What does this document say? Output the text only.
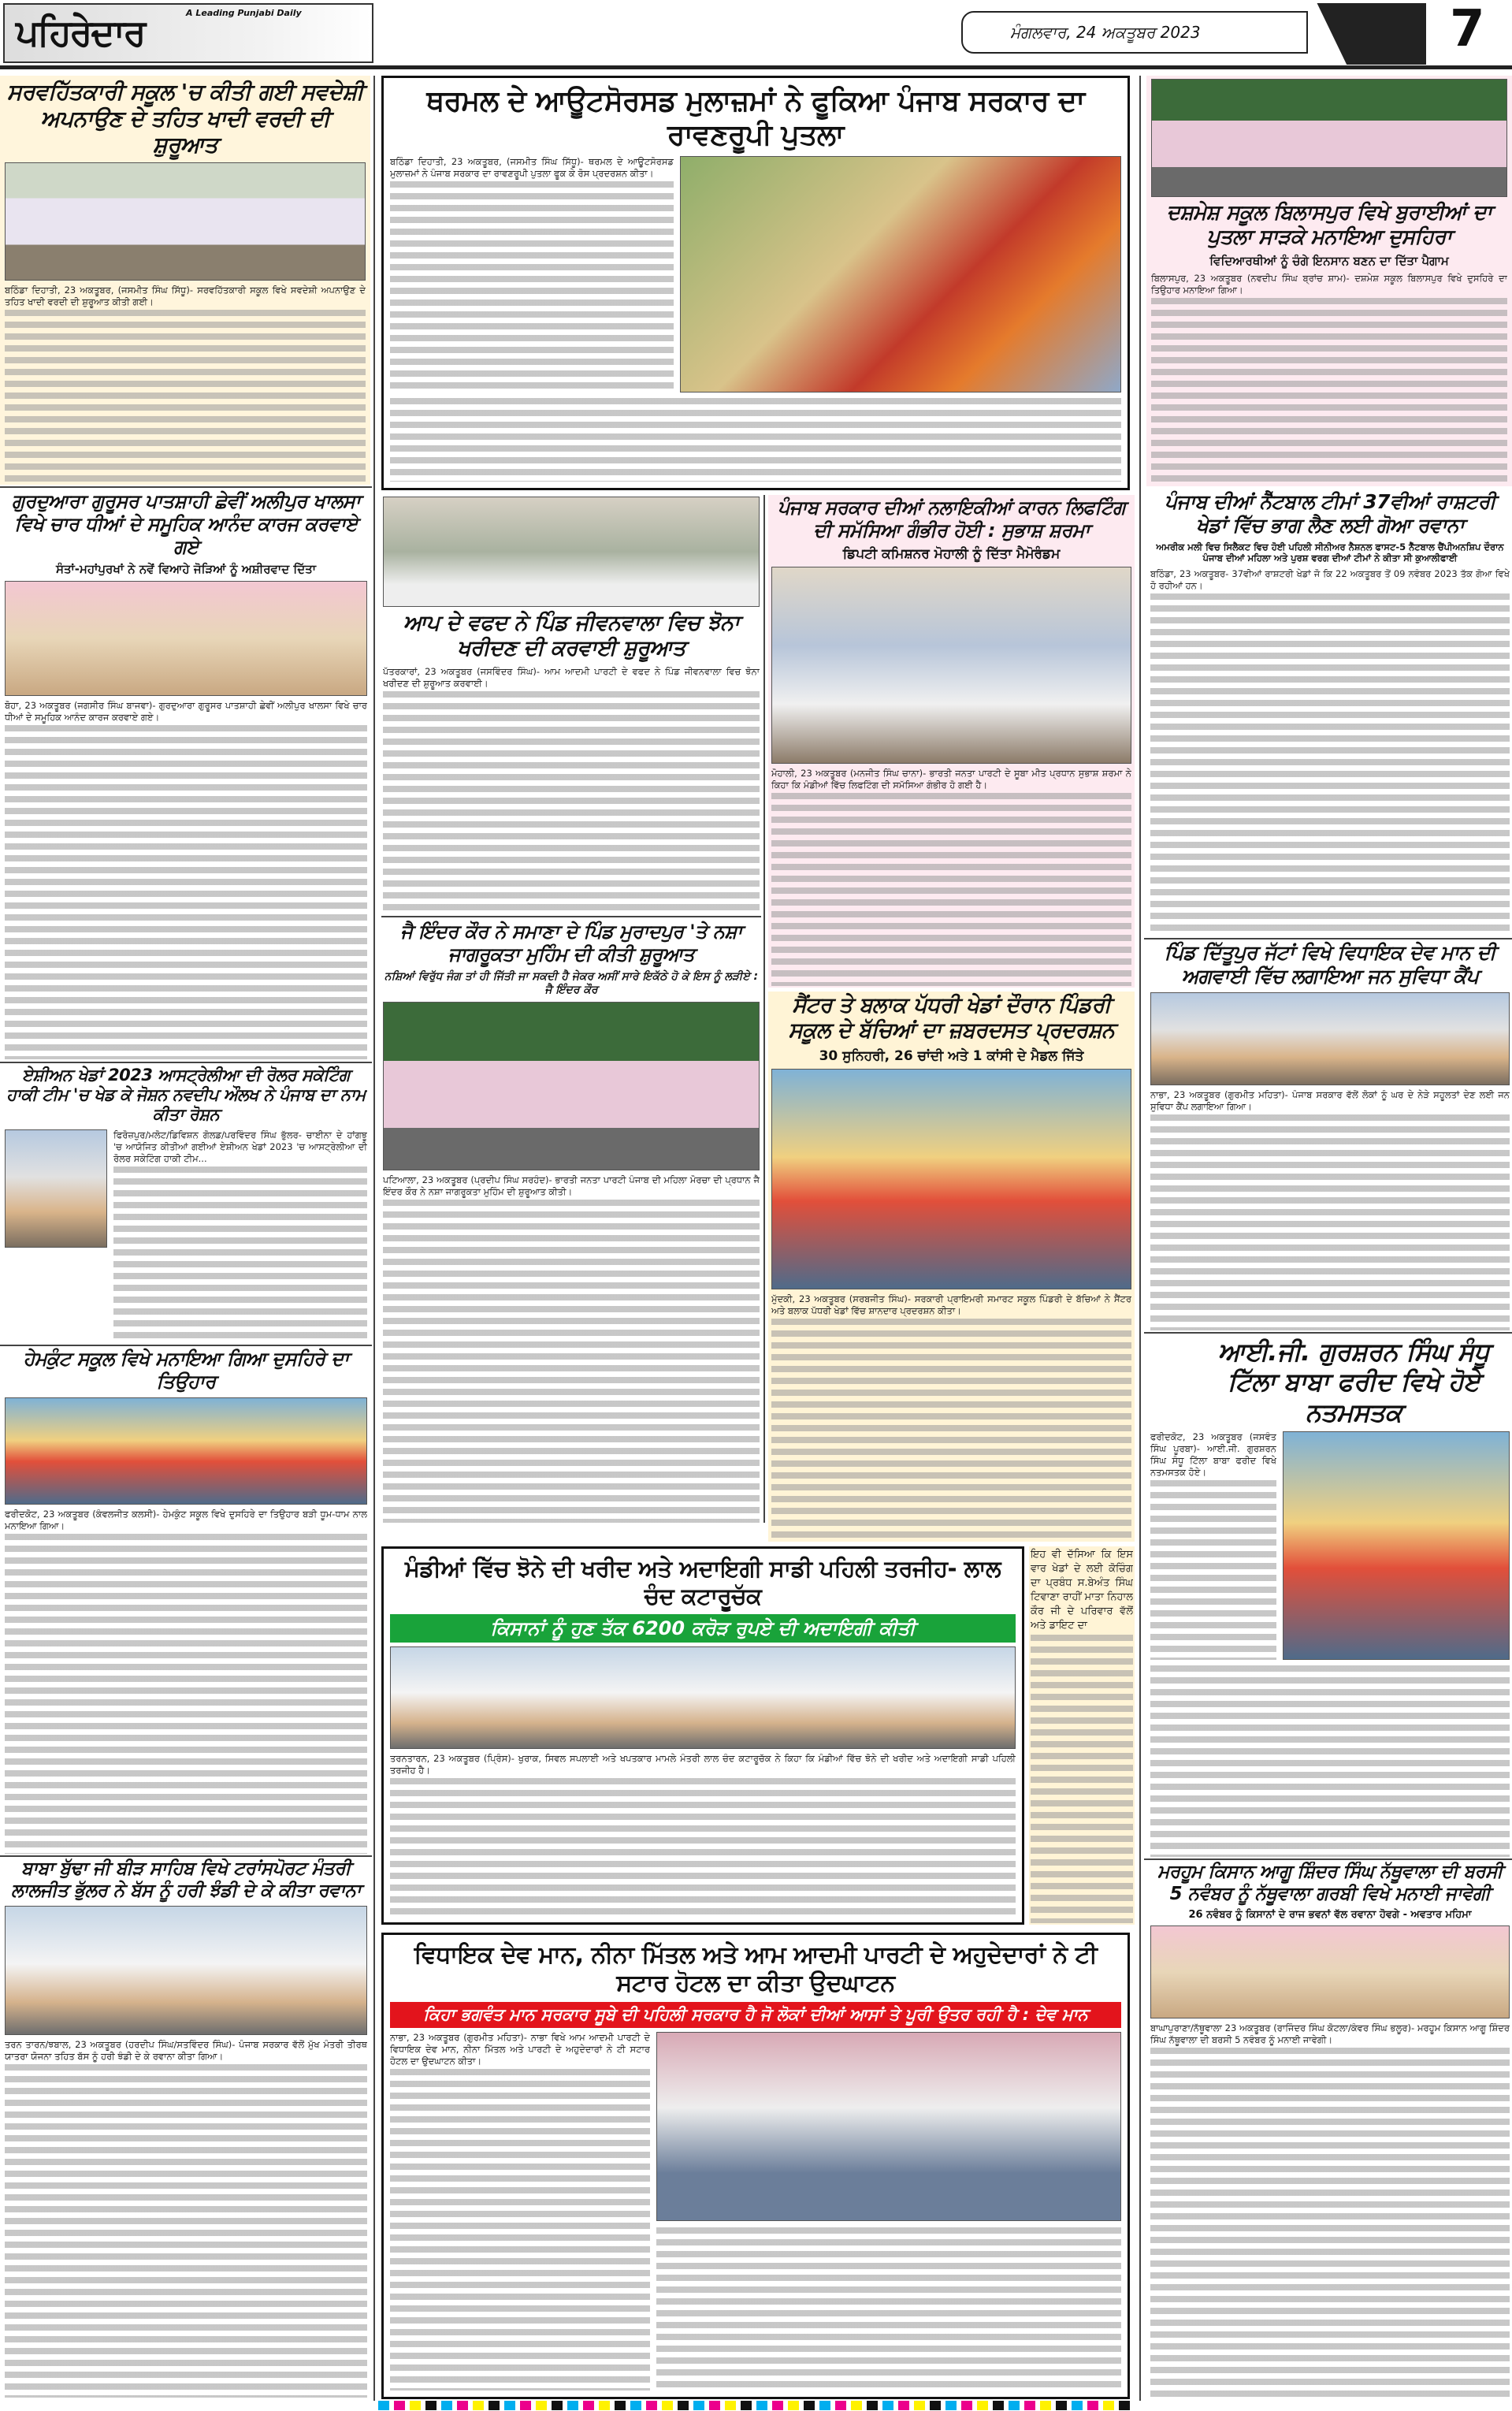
ਪਹਿਰੇਦਾਰ	A Leading Punjabi Daily
ਮੰਗਲਵਾਰ, 24 ਅਕਤੂਬਰ 2023	7
ਸਰਵਹਿੱਤਕਾਰੀ ਸਕੂਲ 'ਚ ਕੀਤੀ ਗਈ ਸਵਦੇਸ਼ੀ ਅਪਨਾਉਣ ਦੇ ਤਹਿਤ ਖਾਦੀ ਵਰਦੀ ਦੀ ਸ਼ੁਰੂਆਤ

ਬਠਿੰਡਾ ਦਿਹਾਤੀ, 23 ਅਕਤੂਬਰ, (ਜਸਮੀਤ ਸਿੰਘ ਸਿੱਧੂ)- ਸਰਵਹਿੱਤਕਾਰੀ ਸਕੂਲ ਵਿਖੇ ਸਵਦੇਸ਼ੀ ਅਪਨਾਉਣ ਦੇ ਤਹਿਤ ਖਾਦੀ ਵਰਦੀ ਦੀ ਸ਼ੁਰੂਆਤ ਕੀਤੀ ਗਈ।

ਗੁਰਦੁਆਰਾ ਗੁਰੂਸਰ ਪਾਤਸ਼ਾਹੀ ਛੇਵੀਂ ਅਲੀਪੁਰ ਖਾਲਸਾ ਵਿਖੇ ਚਾਰ ਧੀਆਂ ਦੇ ਸਮੂਹਿਕ ਆਨੰਦ ਕਾਰਜ ਕਰਵਾਏ ਗਏ
ਸੰਤਾਂ-ਮਹਾਂਪੁਰਖਾਂ ਨੇ ਨਵੇਂ ਵਿਆਹੇ ਜੋੜਿਆਂ ਨੂੰ ਅਸ਼ੀਰਵਾਦ ਦਿੱਤਾ

ਬੋਹਾ, 23 ਅਕਤੂਬਰ (ਜਗਸੀਰ ਸਿੰਘ ਬਾਜਵਾ)- ਗੁਰਦੁਆਰਾ ਗੁਰੂਸਰ ਪਾਤਸ਼ਾਹੀ ਛੇਵੀਂ ਅਲੀਪੁਰ ਖਾਲਸਾ ਵਿਖੇ ਚਾਰ ਧੀਆਂ ਦੇ ਸਮੂਹਿਕ ਆਨੰਦ ਕਾਰਜ ਕਰਵਾਏ ਗਏ।

ਏਸ਼ੀਅਨ ਖੇਡਾਂ 2023 ਆਸਟ੍ਰੇਲੀਆ ਦੀ ਰੋਲਰ ਸਕੇਟਿੰਗ ਹਾਕੀ ਟੀਮ 'ਚ ਖੇਡ ਕੇ ਜੋਸ਼ਨ ਨਵਦੀਪ ਔਲਖ ਨੇ ਪੰਜਾਬ ਦਾ ਨਾਮ ਕੀਤਾ ਰੋਸ਼ਨ

ਫਿਰੋਜ਼ਪੁਰ/ਮਲੋਟ/ਡਿਵਿਸ਼ਨ ਗੋਲਡ/ਪਰਵਿੰਦਰ ਸਿੰਘ ਭੁੱਲਰ- ਚਾਈਨਾ ਦੇ ਹਾਂਗਝੂ 'ਚ ਆਯੋਜਿਤ ਕੀਤੀਆਂ ਗਈਆਂ ਏਸ਼ੀਅਨ ਖੇਡਾਂ 2023 'ਚ ਆਸਟ੍ਰੇਲੀਆ ਦੀ ਰੋਲਰ ਸਕੇਟਿੰਗ ਹਾਕੀ ਟੀਮ...

ਹੇਮਕੁੰਟ ਸਕੂਲ ਵਿਖੇ ਮਨਾਇਆ ਗਿਆ ਦੁਸਹਿਰੇ ਦਾ ਤਿਉਹਾਰ

ਫਰੀਦਕੋਟ, 23 ਅਕਤੂਬਰ (ਕੰਵਲਜੀਤ ਕਲਸੀ)- ਹੇਮਕੁੰਟ ਸਕੂਲ ਵਿਖੇ ਦੁਸਹਿਰੇ ਦਾ ਤਿਉਹਾਰ ਬੜੀ ਧੂਮ-ਧਾਮ ਨਾਲ ਮਨਾਇਆ ਗਿਆ।

ਬਾਬਾ ਬੁੱਢਾ ਜੀ ਬੀੜ ਸਾਹਿਬ ਵਿਖੇ ਟਰਾਂਸਪੋਰਟ ਮੰਤਰੀ ਲਾਲਜੀਤ ਭੁੱਲਰ ਨੇ ਬੱਸ ਨੂੰ ਹਰੀ ਝੰਡੀ ਦੇ ਕੇ ਕੀਤਾ ਰਵਾਨਾ

ਤਰਨ ਤਾਰਨ/ਝਬਾਲ, 23 ਅਕਤੂਬਰ (ਹਰਦੀਪ ਸਿੰਘ/ਸਤਵਿੰਦਰ ਸਿੰਘ)- ਪੰਜਾਬ ਸਰਕਾਰ ਵੱਲੋਂ ਮੁੱਖ ਮੰਤਰੀ ਤੀਰਥ ਯਾਤਰਾ ਯੋਜਨਾ ਤਹਿਤ ਬੱਸ ਨੂੰ ਹਰੀ ਝੰਡੀ ਦੇ ਕੇ ਰਵਾਨਾ ਕੀਤਾ ਗਿਆ।

ਥਰਮਲ ਦੇ ਆਊਟਸੋਰਸਡ ਮੁਲਾਜ਼ਮਾਂ ਨੇ ਫੂਕਿਆ ਪੰਜਾਬ ਸਰਕਾਰ ਦਾ ਰਾਵਣਰੂਪੀ ਪੁਤਲਾ

ਬਠਿੰਡਾ ਦਿਹਾਤੀ, 23 ਅਕਤੂਬਰ, (ਜਸਮੀਤ ਸਿੰਘ ਸਿੱਧੂ)- ਥਰਮਲ ਦੇ ਆਊਟਸੋਰਸਡ ਮੁਲਾਜ਼ਮਾਂ ਨੇ ਪੰਜਾਬ ਸਰਕਾਰ ਦਾ ਰਾਵਣਰੂਪੀ ਪੁਤਲਾ ਫੂਕ ਕੇ ਰੋਸ ਪ੍ਰਦਰਸ਼ਨ ਕੀਤਾ।

ਆਪ ਦੇ ਵਫਦ ਨੇ ਪਿੰਡ ਜੀਵਨਵਾਲਾ ਵਿਚ ਝੋਨਾ ਖਰੀਦਣ ਦੀ ਕਰਵਾਈ ਸ਼ੁਰੂਆਤ

ਪੱਤਰਕਾਰਾਂ, 23 ਅਕਤੂਬਰ (ਜਸਵਿੰਦਰ ਸਿੰਘ)- ਆਮ ਆਦਮੀ ਪਾਰਟੀ ਦੇ ਵਫਦ ਨੇ ਪਿੰਡ ਜੀਵਨਵਾਲਾ ਵਿਚ ਝੋਨਾ ਖਰੀਦਣ ਦੀ ਸ਼ੁਰੂਆਤ ਕਰਵਾਈ।

ਜੈ ਇੰਦਰ ਕੌਰ ਨੇ ਸਮਾਣਾ ਦੇ ਪਿੰਡ ਮੁਰਾਦਪੁਰ 'ਤੇ ਨਸ਼ਾ ਜਾਗਰੂਕਤਾ ਮੁਹਿੰਮ ਦੀ ਕੀਤੀ ਸ਼ੁਰੂਆਤ
ਨਸ਼ਿਆਂ ਵਿਰੁੱਧ ਜੰਗ ਤਾਂ ਹੀ ਜਿੱਤੀ ਜਾ ਸਕਦੀ ਹੈ ਜੇਕਰ ਅਸੀਂ ਸਾਰੇ ਇਕੱਠੇ ਹੋ ਕੇ ਇਸ ਨੂੰ ਲੜੀਏ : ਜੈ ਇੰਦਰ ਕੌਰ

ਪਟਿਆਲਾ, 23 ਅਕਤੂਬਰ (ਪ੍ਰਦੀਪ ਸਿੰਘ ਸਰਹੰਦ)- ਭਾਰਤੀ ਜਨਤਾ ਪਾਰਟੀ ਪੰਜਾਬ ਦੀ ਮਹਿਲਾ ਮੋਰਚਾ ਦੀ ਪ੍ਰਧਾਨ ਜੈ ਇੰਦਰ ਕੌਰ ਨੇ ਨਸ਼ਾ ਜਾਗਰੂਕਤਾ ਮੁਹਿੰਮ ਦੀ ਸ਼ੁਰੂਆਤ ਕੀਤੀ।

ਪੰਜਾਬ ਸਰਕਾਰ ਦੀਆਂ ਨਲਾਇਕੀਆਂ ਕਾਰਨ ਲਿਫਟਿੰਗ ਦੀ ਸਮੱਸਿਆ ਗੰਭੀਰ ਹੋਈ : ਸੁਭਾਸ਼ ਸ਼ਰਮਾ
ਡਿਪਟੀ ਕਮਿਸ਼ਨਰ ਮੋਹਾਲੀ ਨੂੰ ਦਿੱਤਾ ਮੈਮੋਰੰਡਮ

ਮੋਹਾਲੀ, 23 ਅਕਤੂਬਰ (ਮਨਜੀਤ ਸਿੰਘ ਚਾਨਾ)- ਭਾਰਤੀ ਜਨਤਾ ਪਾਰਟੀ ਦੇ ਸੂਬਾ ਮੀਤ ਪ੍ਰਧਾਨ ਸੁਭਾਸ਼ ਸ਼ਰਮਾ ਨੇ ਕਿਹਾ ਕਿ ਮੰਡੀਆਂ ਵਿੱਚ ਲਿਫਟਿੰਗ ਦੀ ਸਮੱਸਿਆ ਗੰਭੀਰ ਹੋ ਗਈ ਹੈ।

ਸੈਂਟਰ ਤੇ ਬਲਾਕ ਪੱਧਰੀ ਖੇਡਾਂ ਦੌਰਾਨ ਪਿੰਡਰੀ ਸਕੂਲ ਦੇ ਬੱਚਿਆਂ ਦਾ ਜ਼ਬਰਦਸਤ ਪ੍ਰਦਰਸ਼ਨ
30 ਸੁਨਿਹਰੀ, 26 ਚਾਂਦੀ ਅਤੇ 1 ਕਾਂਸੀ ਦੇ ਮੈਡਲ ਜਿੱਤੇ

ਮੁੱਦਕੀ, 23 ਅਕਤੂਬਰ (ਸਰਬਜੀਤ ਸਿੰਘ)- ਸਰਕਾਰੀ ਪ੍ਰਾਇਮਰੀ ਸਮਾਰਟ ਸਕੂਲ ਪਿੰਡਰੀ ਦੇ ਬੱਚਿਆਂ ਨੇ ਸੈਂਟਰ ਅਤੇ ਬਲਾਕ ਪੱਧਰੀ ਖੇਡਾਂ ਵਿੱਚ ਸ਼ਾਨਦਾਰ ਪ੍ਰਦਰਸ਼ਨ ਕੀਤਾ।

ਇਹ ਵੀ ਦੱਸਿਆ ਕਿ ਇਸ ਵਾਰ ਖੇਡਾਂ ਦੇ ਲਈ ਕੋਚਿੰਗ ਦਾ ਪ੍ਰਬੰਧ ਸ.ਬੇਅੰਤ ਸਿੰਘ ਟਿਵਾਣਾ ਰਾਹੀਂ ਮਾਤਾ ਨਿਹਾਲ ਕੌਰ ਜੀ ਦੇ ਪਰਿਵਾਰ ਵੱਲੋਂ ਅਤੇ ਡਾਇਟ ਦਾ

ਮੰਡੀਆਂ ਵਿੱਚ ਝੋਨੇ ਦੀ ਖਰੀਦ ਅਤੇ ਅਦਾਇਗੀ ਸਾਡੀ ਪਹਿਲੀ ਤਰਜੀਹ- ਲਾਲ ਚੰਦ ਕਟਾਰੂਚੱਕ
ਕਿਸਾਨਾਂ ਨੂੰ ਹੁਣ ਤੱਕ 6200 ਕਰੋੜ ਰੁਪਏ ਦੀ ਅਦਾਇਗੀ ਕੀਤੀ

ਤਰਨਤਾਰਨ, 23 ਅਕਤੂਬਰ (ਪ੍ਰਿੰਸ)- ਖੁਰਾਕ, ਸਿਵਲ ਸਪਲਾਈ ਅਤੇ ਖਪਤਕਾਰ ਮਾਮਲੇ ਮੰਤਰੀ ਲਾਲ ਚੰਦ ਕਟਾਰੂਚੱਕ ਨੇ ਕਿਹਾ ਕਿ ਮੰਡੀਆਂ ਵਿੱਚ ਝੋਨੇ ਦੀ ਖਰੀਦ ਅਤੇ ਅਦਾਇਗੀ ਸਾਡੀ ਪਹਿਲੀ ਤਰਜੀਹ ਹੈ।

ਵਿਧਾਇਕ ਦੇਵ ਮਾਨ, ਨੀਨਾ ਮਿੱਤਲ ਅਤੇ ਆਮ ਆਦਮੀ ਪਾਰਟੀ ਦੇ ਅਹੁਦੇਦਾਰਾਂ ਨੇ ਟੀ ਸਟਾਰ ਹੋਟਲ ਦਾ ਕੀਤਾ ਉਦਘਾਟਨ
ਕਿਹਾ ਭਗਵੰਤ ਮਾਨ ਸਰਕਾਰ ਸੂਬੇ ਦੀ ਪਹਿਲੀ ਸਰਕਾਰ ਹੈ ਜੋ ਲੋਕਾਂ ਦੀਆਂ ਆਸਾਂ ਤੇ ਪੂਰੀ ਉਤਰ ਰਹੀ ਹੈ : ਦੇਵ ਮਾਨ

ਨਾਭਾ, 23 ਅਕਤੂਬਰ (ਗੁਰਮੀਤ ਮਹਿਤਾ)- ਨਾਭਾ ਵਿਖੇ ਆਮ ਆਦਮੀ ਪਾਰਟੀ ਦੇ ਵਿਧਾਇਕ ਦੇਵ ਮਾਨ, ਨੀਨਾ ਮਿੱਤਲ ਅਤੇ ਪਾਰਟੀ ਦੇ ਅਹੁਦੇਦਾਰਾਂ ਨੇ ਟੀ ਸਟਾਰ ਹੋਟਲ ਦਾ ਉਦਘਾਟਨ ਕੀਤਾ।

ਦਸ਼ਮੇਸ਼ ਸਕੂਲ ਬਿਲਾਸਪੁਰ ਵਿਖੇ ਬੁਰਾਈਆਂ ਦਾ ਪੁਤਲਾ ਸਾੜਕੇ ਮਨਾਇਆ ਦੁਸਹਿਰਾ
ਵਿਦਿਆਰਥੀਆਂ ਨੂੰ ਚੰਗੇ ਇਨਸਾਨ ਬਣਨ ਦਾ ਦਿੱਤਾ ਪੈਗਾਮ

ਬਿਲਾਸਪੁਰ, 23 ਅਕਤੂਬਰ (ਨਵਦੀਪ ਸਿੰਘ ਬ੍ਰਾਂਚ ਸ਼ਾਮ)- ਦਸ਼ਮੇਸ਼ ਸਕੂਲ ਬਿਲਾਸਪੁਰ ਵਿਖੇ ਦੁਸਹਿਰੇ ਦਾ ਤਿਉਹਾਰ ਮਨਾਇਆ ਗਿਆ।

ਪੰਜਾਬ ਦੀਆਂ ਨੈੱਟਬਾਲ ਟੀਮਾਂ 37ਵੀਆਂ ਰਾਸ਼ਟਰੀ ਖੇਡਾਂ ਵਿੱਚ ਭਾਗ ਲੈਣ ਲਈ ਗੋਆ ਰਵਾਨਾ
ਅਮਰੀਕ ਮਲੀ ਵਿਚ ਸਿਲੈਕਟ ਵਿਚ ਹੋਈ ਪਹਿਲੀ ਸੀਨੀਅਰ ਨੈਸ਼ਨਲ ਫਾਸਟ-5 ਨੈੱਟਬਾਲ ਚੈਂਪੀਅਨਸ਼ਿਪ ਦੌਰਾਨ ਪੰਜਾਬ ਦੀਆਂ ਮਹਿਲਾ ਅਤੇ ਪੁਰਸ਼ ਵਰਗ ਦੀਆਂ ਟੀਮਾਂ ਨੇ ਕੀਤਾ ਸੀ ਕੁਆਲੀਫਾਈ

ਬਠਿੰਡਾ, 23 ਅਕਤੂਬਰ- 37ਵੀਆਂ ਰਾਸ਼ਟਰੀ ਖੇਡਾਂ ਜੋ ਕਿ 22 ਅਕਤੂਬਰ ਤੋਂ 09 ਨਵੰਬਰ 2023 ਤੱਕ ਗੋਆ ਵਿਖੇ ਹੋ ਰਹੀਆਂ ਹਨ।

ਪਿੰਡ ਦਿੱਤੂਪੁਰ ਜੱਟਾਂ ਵਿਖੇ ਵਿਧਾਇਕ ਦੇਵ ਮਾਨ ਦੀ ਅਗਵਾਈ ਵਿੱਚ ਲਗਾਇਆ ਜਨ ਸੁਵਿਧਾ ਕੈਂਪ

ਨਾਭਾ, 23 ਅਕਤੂਬਰ (ਗੁਰਮੀਤ ਮਹਿਤਾ)- ਪੰਜਾਬ ਸਰਕਾਰ ਵੱਲੋਂ ਲੋਕਾਂ ਨੂੰ ਘਰ ਦੇ ਨੇੜੇ ਸਹੂਲਤਾਂ ਦੇਣ ਲਈ ਜਨ ਸੁਵਿਧਾ ਕੈਂਪ ਲਗਾਇਆ ਗਿਆ।

ਆਈ.ਜੀ. ਗੁਰਸ਼ਰਨ ਸਿੰਘ ਸੰਧੂ ਟਿੱਲਾ ਬਾਬਾ ਫਰੀਦ ਵਿਖੇ ਹੋਏ ਨਤਮਸਤਕ

ਫਰੀਦਕੋਟ, 23 ਅਕਤੂਬਰ (ਜਸਵੰਤ ਸਿੰਘ ਪੂਰਬਾ)- ਆਈ.ਜੀ. ਗੁਰਸ਼ਰਨ ਸਿੰਘ ਸੰਧੂ ਟਿੱਲਾ ਬਾਬਾ ਫਰੀਦ ਵਿਖੇ ਨਤਮਸਤਕ ਹੋਏ।

ਮਰਹੂਮ ਕਿਸਾਨ ਆਗੂ ਸ਼ਿੰਦਰ ਸਿੰਘ ਨੱਥੂਵਾਲਾ ਦੀ ਬਰਸੀ 5 ਨਵੰਬਰ ਨੂੰ ਨੱਥੂਵਾਲਾ ਗਰਬੀ ਵਿਖੇ ਮਨਾਈ ਜਾਵੇਗੀ
26 ਨਵੰਬਰ ਨੂੰ ਕਿਸਾਨਾਂ ਦੇ ਰਾਜ ਭਵਨਾਂ ਵੱਲ ਰਵਾਨਾ ਹੋਵਗੇ - ਅਵਤਾਰ ਮਹਿਮਾ

ਬਾਘਾਪੁਰਾਣਾ/ਨੱਥੂਵਾਲਾ 23 ਅਕਤੂਬਰ (ਰਾਜਿੰਦਰ ਸਿੰਘ ਕੋਟਲਾ/ਕੰਵਰ ਸਿੰਘ ਭਲੂਰ)- ਮਰਹੂਮ ਕਿਸਾਨ ਆਗੂ ਸ਼ਿੰਦਰ ਸਿੰਘ ਨੱਥੂਵਾਲਾ ਦੀ ਬਰਸੀ 5 ਨਵੰਬਰ ਨੂੰ ਮਨਾਈ ਜਾਵੇਗੀ।
